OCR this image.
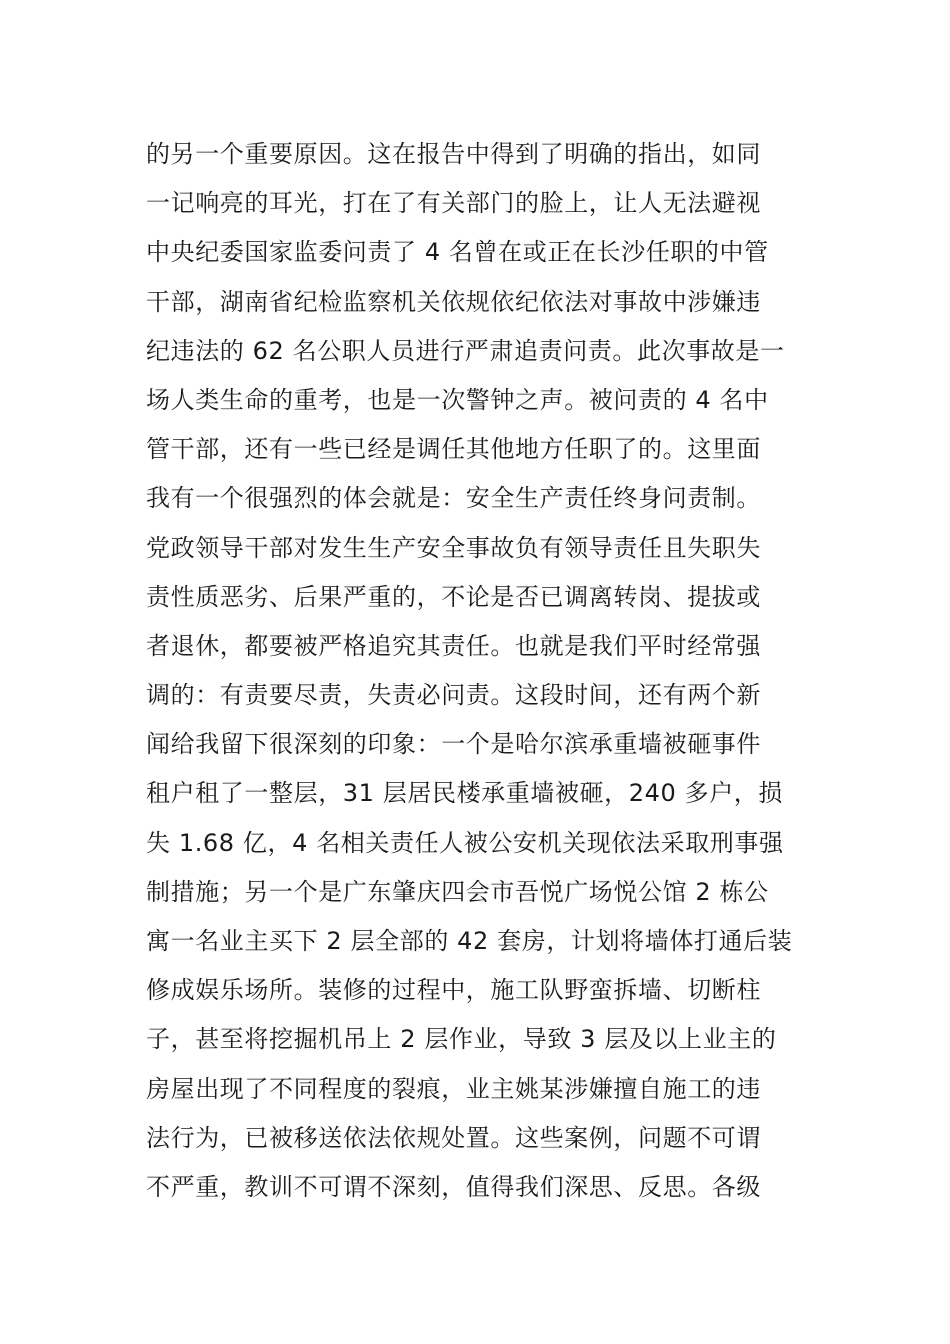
的另一个重要原因。这在报告中得到了明确的指出，如同
一记响亮的耳光，打在了有关部门的脸上，让人无法避视
中央纪委国家监委问责了 4 名曾在或正在长沙任职的中管
干部，湖南省纪检监察机关依规依纪依法对事故中涉嫌违
纪违法的 62 名公职人员进行严肃追责问责。此次事故是一
场人类生命的重考，也是一次警钟之声。被问责的 4 名中
管干部，还有一些已经是调任其他地方任职了的。这里面
我有一个很强烈的体会就是：安全生产责任终身问责制。
党政领导干部对发生生产安全事故负有领导责任且失职失
责性质恶劣、后果严重的，不论是否已调离转岗、提拔或
者退休，都要被严格追究其责任。也就是我们平时经常强
调的：有责要尽责，失责必问责。这段时间，还有两个新
闻给我留下很深刻的印象：一个是哈尔滨承重墙被砸事件
租户租了一整层，31 层居民楼承重墙被砸，240 多户，损
失 1.68 亿，4 名相关责任人被公安机关现依法采取刑事强
制措施；另一个是广东肇庆四会市吾悦广场悦公馆 2 栋公
寓一名业主买下 2 层全部的 42 套房，计划将墙体打通后装
修成娱乐场所。装修的过程中，施工队野蛮拆墙、切断柱
子，甚至将挖掘机吊上 2 层作业，导致 3 层及以上业主的
房屋出现了不同程度的裂痕，业主姚某涉嫌擅自施工的违
法行为，已被移送依法依规处置。这些案例，问题不可谓
不严重，教训不可谓不深刻，值得我们深思、反思。各级
